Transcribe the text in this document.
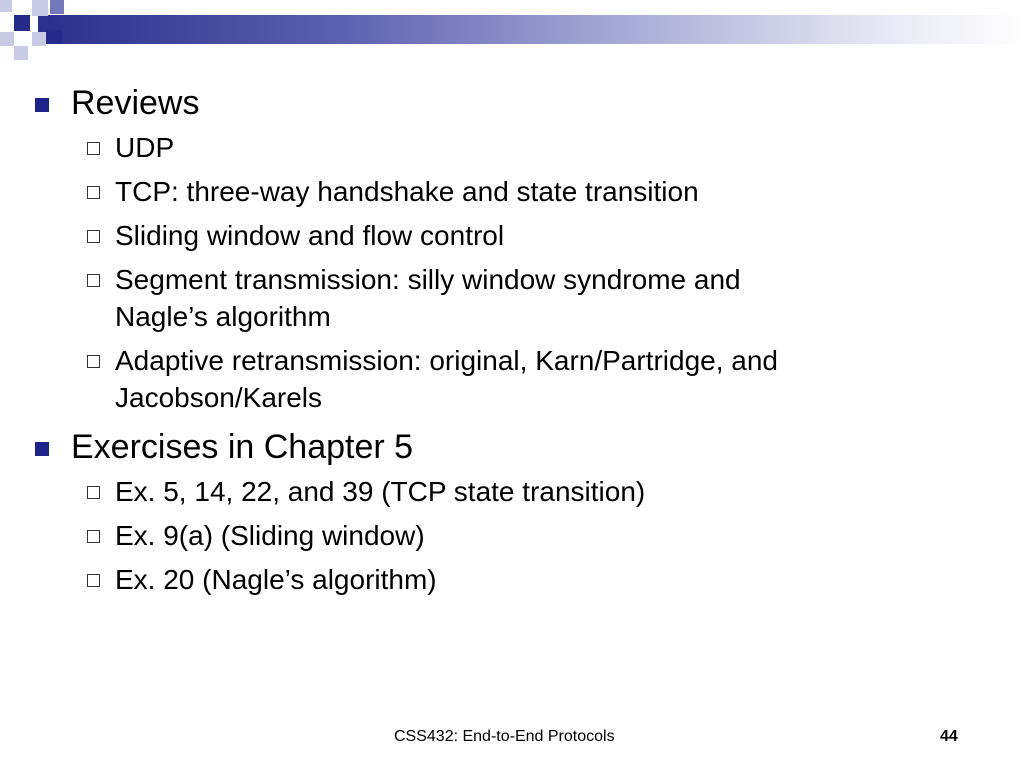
Reviews
UDP
TCP: three-way handshake and state transition
Sliding window and flow control
Segment transmission: silly window syndrome and
Nagle’s algorithm
Adaptive retransmission: original, Karn/Partridge, and
Jacobson/Karels
Exercises in Chapter 5
Ex. 5, 14, 22, and 39 (TCP state transition)
Ex. 9(a) (Sliding window)
Ex. 20 (Nagle’s algorithm)
CSS432: End-to-End Protocols	44
